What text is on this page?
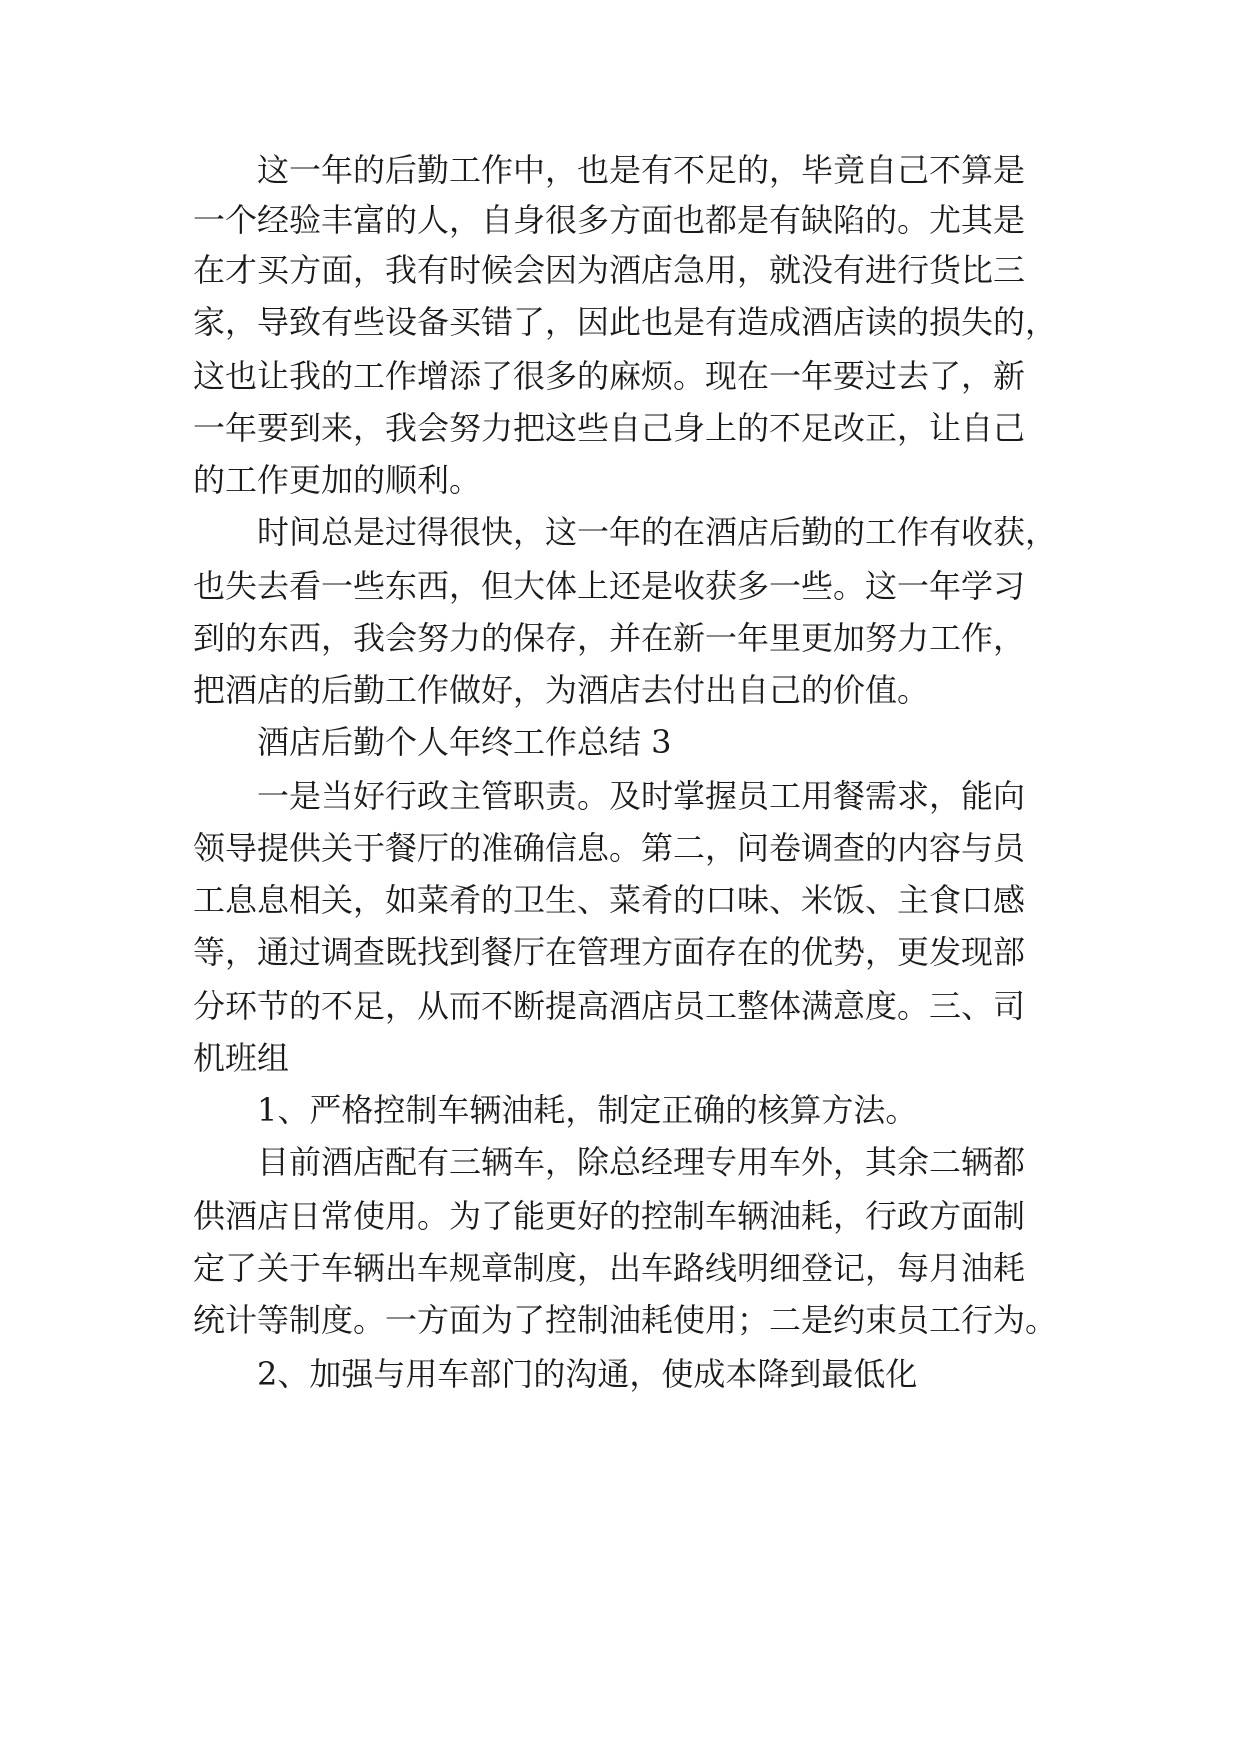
这一年的后勤工作中，也是有不足的，毕竟自己不算是
一个经验丰富的人，自身很多方面也都是有缺陷的。尤其是
在才买方面，我有时候会因为酒店急用，就没有进行货比三
家，导致有些设备买错了，因此也是有造成酒店读的损失的，
这也让我的工作增添了很多的麻烦。现在一年要过去了，新
一年要到来，我会努力把这些自己身上的不足改正，让自己
的工作更加的顺利。
时间总是过得很快，这一年的在酒店后勤的工作有收获，
也失去看一些东西，但大体上还是收获多一些。这一年学习
到的东西，我会努力的保存，并在新一年里更加努力工作，
把酒店的后勤工作做好，为酒店去付出自己的价值。
酒店后勤个人年终工作总结 3
一是当好行政主管职责。及时掌握员工用餐需求，能向
领导提供关于餐厅的准确信息。第二，问卷调查的内容与员
工息息相关，如菜肴的卫生、菜肴的口味、米饭、主食口感
等，通过调查既找到餐厅在管理方面存在的优势，更发现部
分环节的不足，从而不断提高酒店员工整体满意度。三、司
机班组
1、严格控制车辆油耗，制定正确的核算方法。
目前酒店配有三辆车，除总经理专用车外，其余二辆都
供酒店日常使用。为了能更好的控制车辆油耗，行政方面制
定了关于车辆出车规章制度，出车路线明细登记，每月油耗
统计等制度。一方面为了控制油耗使用；二是约束员工行为。
2、加强与用车部门的沟通，使成本降到最低化
